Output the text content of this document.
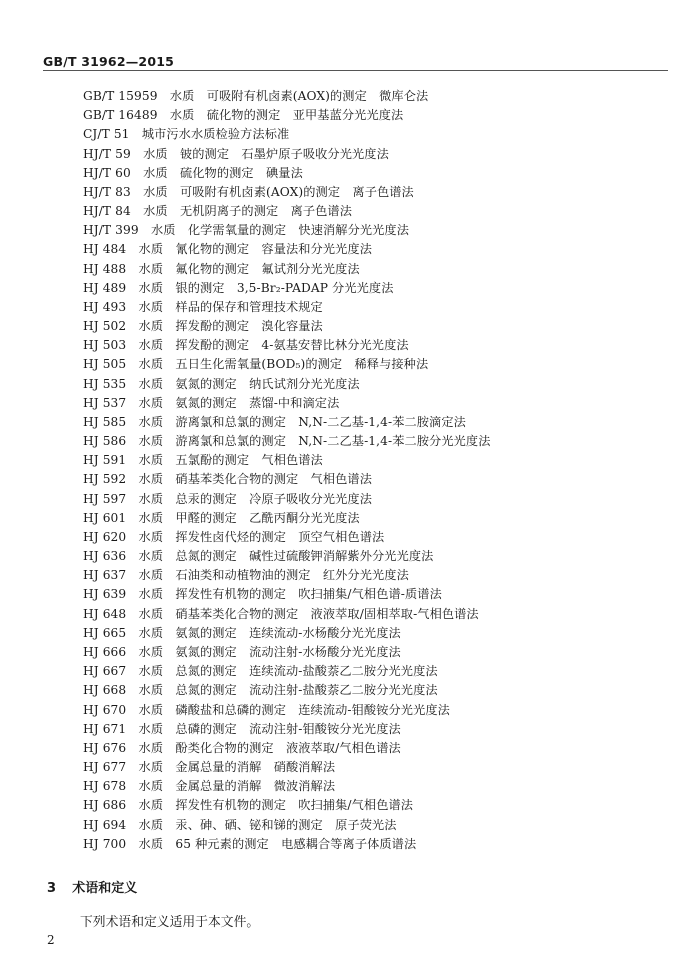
GB/T 31962—2015
GB/T 15959　水质　可吸附有机卤素(AOX)的测定　微库仑法
GB/T 16489　水质　硫化物的测定　亚甲基蓝分光光度法
CJ/T 51　城市污水水质检验方法标准
HJ/T 59　水质　铍的测定　石墨炉原子吸收分光光度法
HJ/T 60　水质　硫化物的测定　碘量法
HJ/T 83　水质　可吸附有机卤素(AOX)的测定　离子色谱法
HJ/T 84　水质　无机阴离子的测定　离子色谱法
HJ/T 399　水质　化学需氧量的测定　快速消解分光光度法
HJ 484　水质　氰化物的测定　容量法和分光光度法
HJ 488　水质　氟化物的测定　氟试剂分光光度法
HJ 489　水质　银的测定　3,5-Br₂-PADAP 分光光度法
HJ 493　水质　样品的保存和管理技术规定
HJ 502　水质　挥发酚的测定　溴化容量法
HJ 503　水质　挥发酚的测定　4-氨基安替比林分光光度法
HJ 505　水质　五日生化需氧量(BOD₅)的测定　稀释与接种法
HJ 535　水质　氨氮的测定　纳氏试剂分光光度法
HJ 537　水质　氨氮的测定　蒸馏-中和滴定法
HJ 585　水质　游离氯和总氯的测定　N,N-二乙基-1,4-苯二胺滴定法
HJ 586　水质　游离氯和总氯的测定　N,N-二乙基-1,4-苯二胺分光光度法
HJ 591　水质　五氯酚的测定　气相色谱法
HJ 592　水质　硝基苯类化合物的测定　气相色谱法
HJ 597　水质　总汞的测定　冷原子吸收分光光度法
HJ 601　水质　甲醛的测定　乙酰丙酮分光光度法
HJ 620　水质　挥发性卤代烃的测定　顶空气相色谱法
HJ 636　水质　总氮的测定　碱性过硫酸钾消解紫外分光光度法
HJ 637　水质　石油类和动植物油的测定　红外分光光度法
HJ 639　水质　挥发性有机物的测定　吹扫捕集/气相色谱-质谱法
HJ 648　水质　硝基苯类化合物的测定　液液萃取/固相萃取-气相色谱法
HJ 665　水质　氨氮的测定　连续流动-水杨酸分光光度法
HJ 666　水质　氨氮的测定　流动注射-水杨酸分光光度法
HJ 667　水质　总氮的测定　连续流动-盐酸萘乙二胺分光光度法
HJ 668　水质　总氮的测定　流动注射-盐酸萘乙二胺分光光度法
HJ 670　水质　磷酸盐和总磷的测定　连续流动-钼酸铵分光光度法
HJ 671　水质　总磷的测定　流动注射-钼酸铵分光光度法
HJ 676　水质　酚类化合物的测定　液液萃取/气相色谱法
HJ 677　水质　金属总量的消解　硝酸消解法
HJ 678　水质　金属总量的消解　微波消解法
HJ 686　水质　挥发性有机物的测定　吹扫捕集/气相色谱法
HJ 694　水质　汞、砷、硒、铋和锑的测定　原子荧光法
HJ 700　水质　65 种元素的测定　电感耦合等离子体质谱法
3 术语和定义
下列术语和定义适用于本文件。
2
